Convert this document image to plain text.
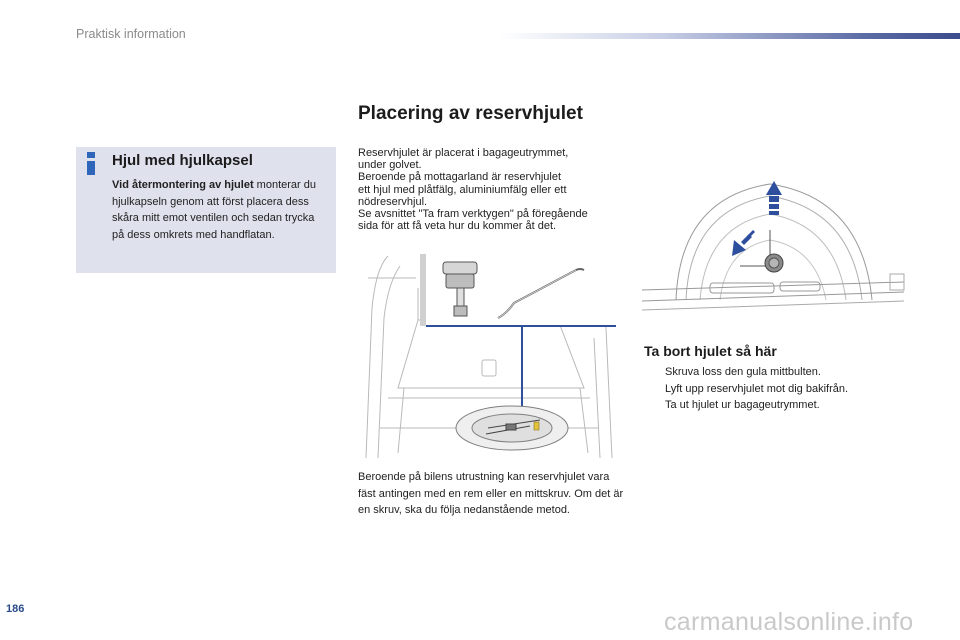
Praktisk information
Hjul med hjulkapsel
Vid återmontering av hjulet monterar du hjulkapseln genom att först placera dess skåra mitt emot ventilen och sedan trycka på dess omkrets med handflatan.
Placering av reservhjulet
Reservhjulet är placerat i bagageutrymmet,
under golvet.
Beroende på mottagarland är reservhjulet
ett hjul med plåtfälg, aluminiumfälg eller ett
nödreservhjul.
Se avsnittet "Ta fram verktygen" på föregående
sida för att få veta hur du kommer åt det.
Beroende på bilens utrustning kan reservhjulet vara fäst antingen med en rem eller en mittskruv. Om det är en skruv, ska du följa nedanstående metod.
Ta bort hjulet så här
Skruva loss den gula mittbulten.
Lyft upp reservhjulet mot dig bakifrån.
Ta ut hjulet ur bagageutrymmet.
186	carmanualsonline.info
